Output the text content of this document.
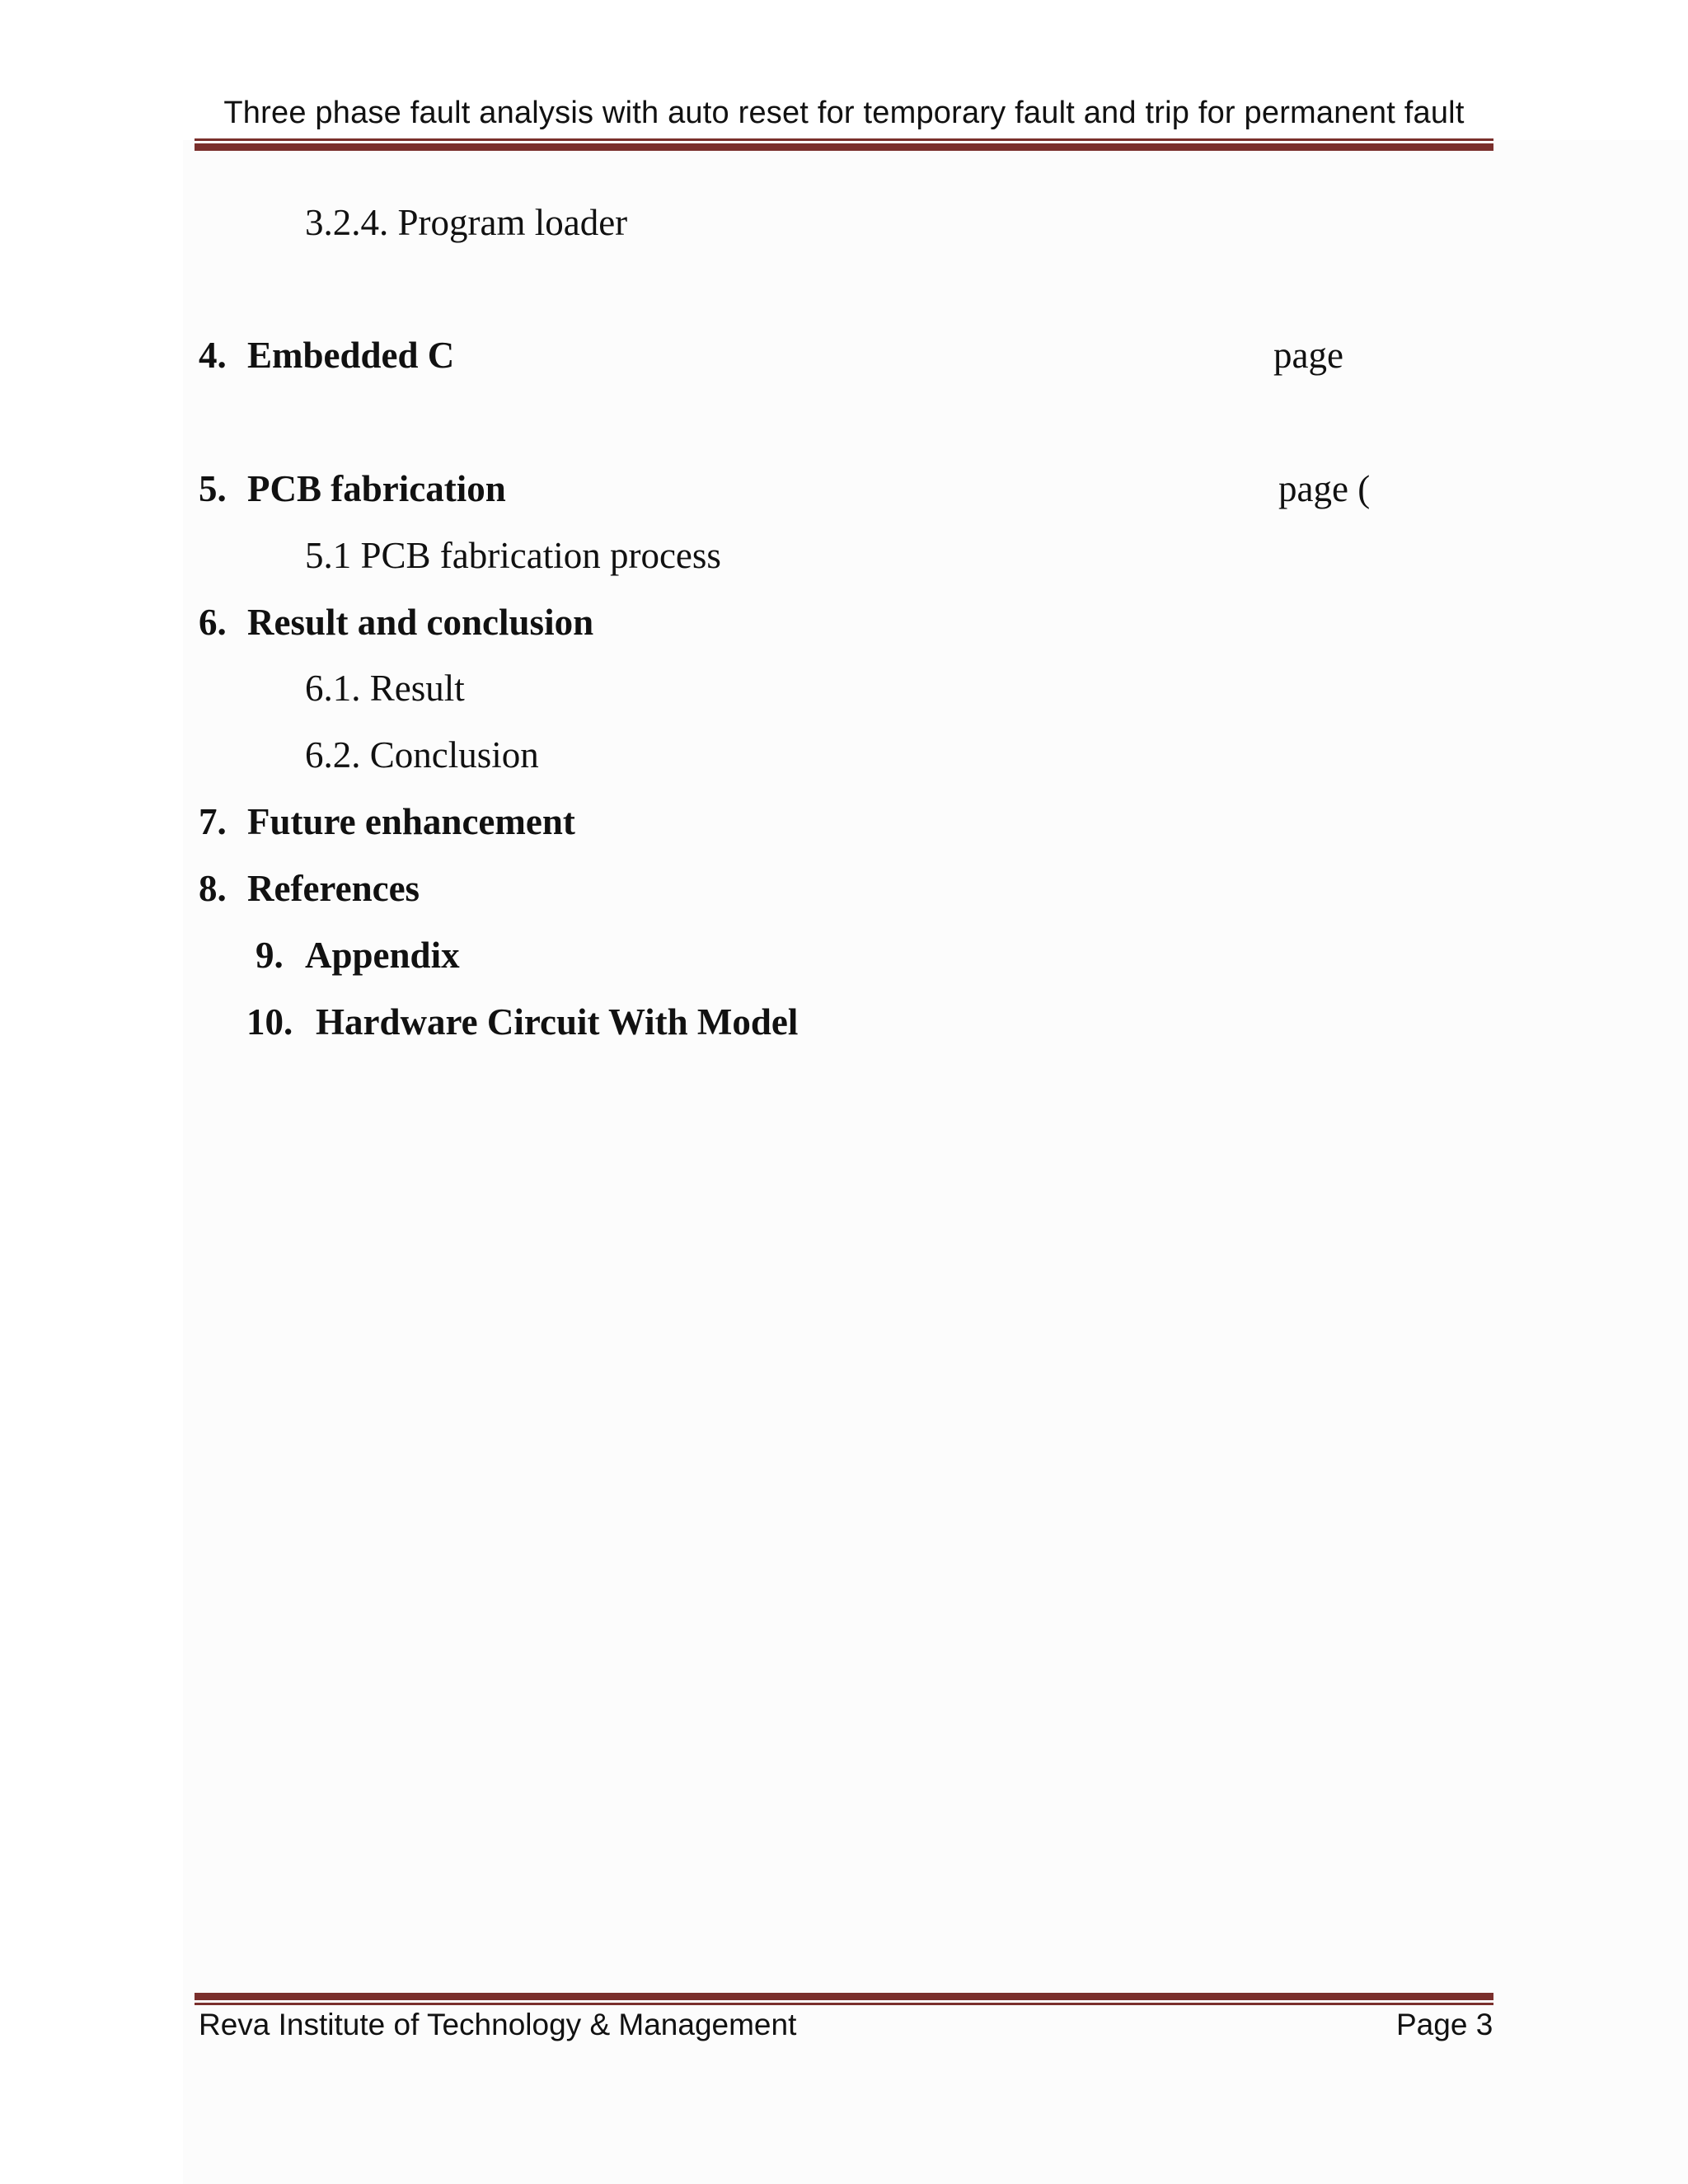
Three phase fault analysis with auto reset for temporary fault and trip for permanent fault
3.2.4. Program loader
4. Embedded C	page
5. PCB fabrication	page (
5.1 PCB fabrication process
6. Result and conclusion
6.1. Result
6.2. Conclusion
7. Future enhancement
8. References
9. Appendix
10. Hardware Circuit With Model
Reva Institute of Technology & Management	Page 3
